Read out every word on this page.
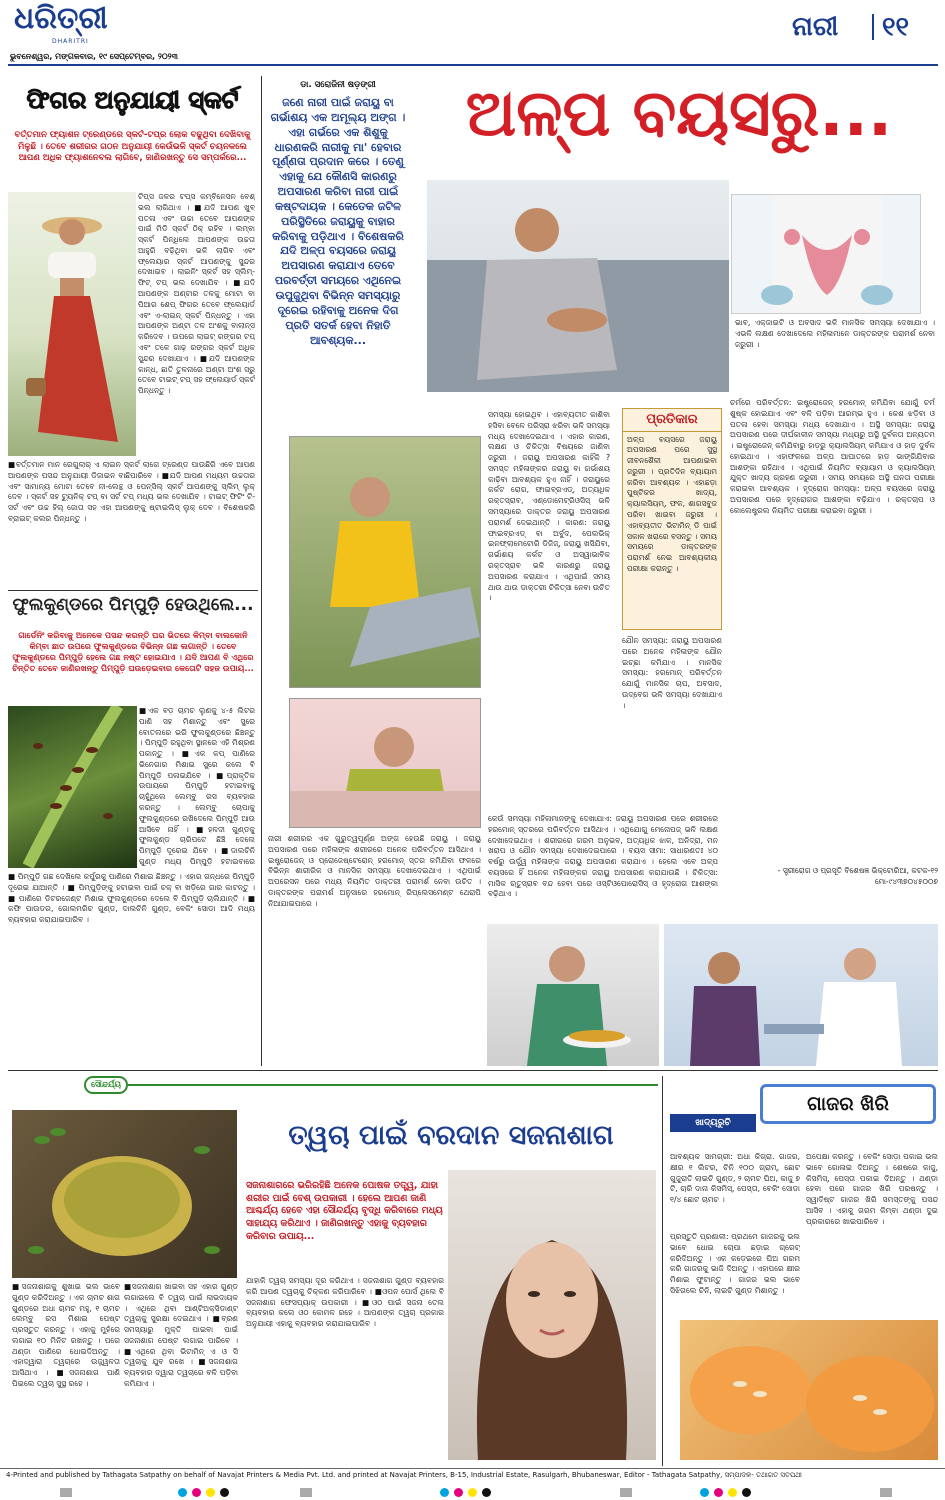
ଧରିତ୍ରୀ
DHARITRI
ଭୁବନେଶ୍ୱର, ମଙ୍ଗଳବାର, ୧୯ ସେପ୍ଟେମ୍ବର, ୨୦୨୩
ନାରୀ ୧୧
ଫିଗର ଅନୁଯାୟୀ ସ୍କର୍ଟ
ବର୍ତ୍ତମାନ ଫ୍ୟାଶନ ଟ୍ରେଣ୍ଡରେ ସ୍କର୍ଟ-ଟପ୍‌ର ଲୋକ ବଢୁଥିବା ଦେଖିବାକୁ ମିଳୁଛି । ତେବେ ଶରୀରର ଗଠନ ଅନୁଯାୟୀ କେଉଁଭଳି ସ୍କର୍ଟ ଚୟନକଲେ ଆପଣ ଅଧିକ ଫ୍ୟାଶନେବଲ ଲାଗିବେ, ଜାଣିରଖନ୍ତୁ ସେ ସମ୍ପର୍କରେ...
ଟିପ୍ସ ଜଳର ଟପ୍‌ସ କମ୍ବିନେସନ ବେଶ୍ ଭଲ ଲାଗିଥାଏ । ■ଯଦି ଆପଣ ଖୁବ୍ ପତଳା ଏବଂ ଉଚ୍ଚା ତେବେ ଆପଣଙ୍କ ପାଇଁ ମିଡି ସ୍କର୍ଟ ଠିକ୍ ରହିବ । ଲମ୍ବା ସ୍କର୍ଟ ପିନ୍ଧିଲେ ଆପଣଙ୍କ ଉଚ୍ଚତା ଆହୁରି ବଢ଼ିଥିବା ଭଳି ଲାଗିବ ଏବଂ ଫ୍ଲେୟାର ସ୍କର୍ଟ ଆପଣଙ୍କୁ ସୁନ୍ଦର ଦେଖାଇବ । ଲାଇନିଂ ସ୍କର୍ଟ ସହ ସ୍ଲିମ୍-ଫିଟ୍ ଟପ୍ ଭଲ ଦେଖାଯିବ । ■ଯଦି ଆପଣଙ୍କ ଅଣ୍ଟାର ତଳକୁ ମୋଟା ବା ପିଆର ଶେପ୍ ଫିଗର ତେବେ ଫ୍ଲେୟାର୍ଡ ଏବଂ ଏ-ଲାଇନ୍ ସ୍କର୍ଟ ପିନ୍ଧନ୍ତୁ । ଏହା ଆପଣଙ୍କ ଅଣ୍ଟା ତଳ ଅଂଶକୁ ବାଲାନ୍ସ କରିଦେବ । ଉପରେ ଲାଇଟ୍ ରଙ୍ଗର ଟପ୍ ଏବଂ ତଳେ ଗାଢ଼ ରଙ୍ଗର ସ୍କର୍ଟ ଅଧିକ ସୁନ୍ଦର ଦେଖାଯାଏ । ■ଯଦି ଆପଣଙ୍କ କାନ୍ଧ, ଛାତି ତୁଳନାରେ ଅଣ୍ଟା ଅଂଶ ସରୁ ତେବେ ଟାଇଟ୍ ଟପ୍ ସହ ଫ୍ଲେୟାର୍ଡ ସ୍କର୍ଟ ପିନ୍ଧନ୍ତୁ ।
■ବର୍ତ୍ତମାନ ମାନ ରେଗୁଲାର୍ ଏ ଲାଇନ ସ୍କର୍ଟ ଲାଗେ ଟ୍ରେଣ୍ଡ ପାଉଛିରି ଏବେ ଆପଣ ଆପଣଙ୍କ ପସନ୍ଦ ଅନୁଯାୟୀ ଡିଜାଇନ ବାଛିପାରିବେ । ■ଯଦି ଆପଣ ମଧ୍ୟମ ଉଚ୍ଚତାର ଏବଂ ସାମାନ୍ୟ ମୋଟା ତେବେ ନୀ-ଲେନ୍ଥ ଓ ପେନ୍ସିଲ୍ ସ୍କର୍ଟ ଆପଣଙ୍କୁ ସ୍ଲିମ୍ ଲୁକ୍ ଦେବ । ସ୍କର୍ଟ ସହ ଟ୍ୟୁନିକ୍ ଟପ୍ ବା ସର୍ଟ ଟପ୍ ମଧ୍ୟ ଭଲ ଦେଖାଯିବ । ଟାଇଟ୍ ଫିଟିଂ ଟି-ସର୍ଟ ଏବଂ ଉଚ୍ଚ ହିଲ୍ ଜୋତା ସହ ଏହା ଆପଣଙ୍କୁ ଷ୍ଟାଇଲିସ୍ ଲୁକ୍ ଦେବ । ବିଶେଷକରି ବ୍ରାଇଟ୍ କଲର ପିନ୍ଧନ୍ତୁ ।
ଫୁଲକୁଣ୍ଡରେ ପିମ୍ପୁଡ଼ି ହେଉଥିଲେ...
ଗାର୍ଡେନିଂ କରିବାକୁ ଅନେକେ ପସନ୍ଦ କରନ୍ତି ଘର ଭିତରେ କିମ୍ବା ବାଲକୋନି କିମ୍ବା ଛାତ ଉପରେ ଫୁଲକୁଣ୍ଡରେ ବିଭିନ୍ନ ଗଛ ଲଗାନ୍ତି । ତେବେ ଫୁଲକୁଣ୍ଡରେ ପିମ୍ପୁଡ଼ି ହେଲେ ଗଛ ନଷ୍ଟ ହୋଇଯାଏ । ଯଦି ଆପଣ ବି ଏଥିରେ ଚିନ୍ତିତ ତେବେ ଜାଣିରଖନ୍ତୁ ପିମ୍ପୁଡ଼ି ଘଉଡ଼େଇବାର କେତୋଟି ସହଜ ଉପାୟ...
■ଏକ ବଡ଼ ଚାମଚ ଲୁଣକୁ ୪-୫ ଲିଟର ପାଣି ସହ ମିଶାନ୍ତୁ ଏବଂ ସ୍ପ୍ରେ ବୋତଲରେ ଭରି ଫୁଲକୁଣ୍ଡରେ ଛିଞ୍ଚନ୍ତୁ । ପିମ୍ପୁଡ଼ି ରହୁଥିବା ସ୍ଥାନରେ ଏହି ମିଶ୍ରଣ ପକାନ୍ତୁ । ■ଏକ କପ୍ ପାଣିରେ ଭିନେଗାର ମିଶାଇ ସ୍ପ୍ରେ କଲେ ବି ପିମ୍ପୁଡ଼ି ପଳାଇଯିବେ । ■ପ୍ରାକୃତିକ ଉପାୟରେ ପିମ୍ପୁଡ଼ି ହଟାଇବାକୁ ଚାହୁଁଥିଲେ ଲେମ୍ବୁ ରସ ବ୍ୟବହାର କରନ୍ତୁ । ଲେମ୍ବୁ ଚୋପାକୁ ଫୁଲକୁଣ୍ଡରେ ରଖିଦେଲେ ପିମ୍ପୁଡ଼ି ଆଉ ଆସିବେ ନାହିଁ । ■ହଳଦୀ ଗୁଣ୍ଡକୁ ଫୁଲକୁଣ୍ଡ ଚାରିପଟେ ଛିଞ୍ଚି ଦେଲେ ପିମ୍ପୁଡ଼ି ଦୂରେଇ ଯିବେ । ■ଦାଲଚିନି ଗୁଣ୍ଡ ମଧ୍ୟ ପିମ୍ପୁଡ଼ି ହଟାଇବାରେ
■ ପିମ୍ପୁଡ଼ି ଗଛ ଦେଖିଲେ କର୍ପୁରକୁ ପାଣିରେ ମିଶାଇ ଛିଞ୍ଚନ୍ତୁ । ଏହାର ଗନ୍ଧରେ ପିମ୍ପୁଡ଼ି ଦୂରେଇ ଯାଆନ୍ତି । ■ ପିମ୍ପୁଡ଼ିଙ୍କୁ ହଟାଇବା ପାଇଁ ଚକ୍ ବା ଖଡ଼ିରେ ଗାର କାଟନ୍ତୁ । ■ ପାଣିରେ ଡିଟରଜେଣ୍ଟ ମିଶାଇ ଫୁଲକୁଣ୍ଡରେ ଦେଲେ ବି ପିମ୍ପୁଡ଼ି ଚାଲିଯାନ୍ତି । ■ କଫି ପାଉଡର, ଗୋଲମରିଚ ଗୁଣ୍ଡ, ଦାଲଚିନି ଗୁଣ୍ଡ, ବେକିଂ ସୋଡା ଆଦି ମଧ୍ୟ ବ୍ୟବହାର କରାଯାଇପାରିବ ।
ଡା. ସରୋଜିନୀ ଷଡ଼ଙ୍ଗୀ
ଜଣେ ନାରୀ ପାଇଁ ଜରାୟୁ ବା ଗର୍ଭାଶୟ ଏକ ଅମୂଲ୍ୟ ଅଙ୍ଗ । ଏହା ଗର୍ଭରେ ଏକ ଶିଶୁକୁ ଧାରଣକରି ନାରୀକୁ ମା' ହେବାର ପୂର୍ଣ୍ଣତା ପ୍ରଦାନ କରେ । ତେଣୁ ଏହାକୁ ଯେ କୌଣସି କାରଣରୁ ଅପସାରଣ କରିବା ନାରୀ ପାଇଁ କଷ୍ଟଦାୟକ । କେତେକ ଜଟିଳ ପରିସ୍ଥିତିରେ ଜରାୟୁକୁ ବାହାର କରିବାକୁ ପଡ଼ିଥାଏ । ବିଶେଷକରି ଯଦି ଅଳ୍ପ ବୟସରେ ଜରାୟୁ ଅପସାରଣ କରାଯାଏ ତେବେ ପରବର୍ତ୍ତୀ ସମୟରେ ଏଥିନେଇ ଉପୁଜୁଥିବା ବିଭିନ୍ନ ସମସ୍ୟାରୁ ଦୂରେଇ ରହିବାକୁ ଅନେକ ଦିଗ ପ୍ରତି ସତର୍କ ହେବା ନିହାତି ଆବଶ୍ୟକ...
ଅଳ୍ପ ବୟସରୁ...
ସମସ୍ୟା ହୋଇଥିବ । ଏହାବ୍ୟତୀତ କାଶିବା ହସିବା ବେଳେ ପରିସ୍ରା ଝରିବା ଭଳି ସମସ୍ୟା ମଧ୍ୟ ଦେଖାଦେଇଥାଏ । ଏହାର କାରଣ, ଲକ୍ଷଣ ଓ ଚିକିତ୍ସା ବିଷୟରେ ଜାଣିବା ଜରୁରୀ । ଜରାୟୁ ଅପସାରଣ କାହିଁକି ? ସମସ୍ତ ମହିଳାଙ୍କର ଜରାୟୁ ବା ଗର୍ଭାଶୟ କାଢ଼ିବା ଆବଶ୍ୟକ ହୁଏ ନାହିଁ । ଜରାୟୁରେ କର୍କଟ ରୋଗ, ଫାଇବ୍ରଏଡ୍, ଅତ୍ୟଧିକ ରକ୍ତସ୍ରାବ, ଏଣ୍ଡୋମେଟ୍ରିଓସିସ୍ ଭଳି ସମସ୍ୟାରେ ଡାକ୍ତର ଜରାୟୁ ଅପସାରଣ ପରାମର୍ଶ ଦେଇଥାନ୍ତି । କାରଣ: ଜରାୟୁ ଫାଇବ୍ରଏଡ୍ ବା ଅର୍ବୁଦ, ପେଲଭିକ୍ ଇନଫ୍ଲାମେଟୋରି ଡିଜିଜ୍, ଜରାୟୁ ଖସିଯିବା, ଗର୍ଭାଶୟ କର୍କଟ ଓ ଅସ୍ୱାଭାବିକ ରକ୍ତସ୍ରାବ ଭଳି କାରଣରୁ ଜରାୟୁ ଅପସାରଣ କରାଯାଏ । ଏଥିପାଇଁ ସମୟ ଥାଉ ଥାଉ ଡାକ୍ତରୀ ଚିକିତ୍ସା ନେବା ଉଚିତ ।
ପ୍ରତିକାର
ଅଳ୍ପ ବୟସରେ ଜରାୟୁ ଅପସାରଣ ପରେ ସୁସ୍ଥ ଜୀବନଶୈଳୀ ଆପଣାଇବା ଜରୁରୀ । ପ୍ରତିଦିନ ବ୍ୟାୟାମ କରିବା ଆବଶ୍ୟକ । ଏହାଛଡ଼ା ପୁଷ୍ଟିକର ଖାଦ୍ୟ, କ୍ୟାଲସିୟମ୍, ଫଳ, ଶାଗସବୁଜ ପରିବା ଖାଇବା ଜରୁରୀ । ଏହାବ୍ୟତୀତ ଭିଟାମିନ୍ ଡି ପାଇଁ ସକାଳ ଖରାରେ ବସନ୍ତୁ । ସମୟ ସମୟରେ ଡାକ୍ତରଙ୍କ ପରାମର୍ଶ ନେଇ ଆବଶ୍ୟକୀୟ ପରୀକ୍ଷା କରାନ୍ତୁ ।
ଭାବ, ଏକ୍ଜାଇଟି ଓ ଅବସାଦ ଭଳି ମାନସିକ ସମସ୍ୟା ଦେଖାଯାଏ । ଏଭଳି ଲକ୍ଷଣ ଦେଖାଦେଲେ ମହିଳାମାନେ ଡାକ୍ତରଙ୍କ ପରାମର୍ଶ ନେବା ଜରୁରୀ ।
ଚର୍ମରେ ପରିବର୍ତ୍ତନ: ଇଷ୍ଟ୍ରୋଜେନ୍ ହରମୋନ୍ କମିଯିବା ଯୋଗୁଁ ଚର୍ମ ଶୁଷ୍କ ହୋଇଯାଏ ଏବଂ ବଳି ପଡ଼ିବା ଆରମ୍ଭ ହୁଏ । କେଶ ଝଡ଼ିବା ଓ ପତଳା ହେବା ସମସ୍ୟା ମଧ୍ୟ ଦେଖାଯାଏ । ଅସ୍ଥି ସମସ୍ୟା: ଜରାୟୁ ଅପସାରଣ ପରେ ଦୀର୍ଘକାଳୀନ ସମସ୍ୟା ମଧ୍ୟରୁ ଅସ୍ଥି ଦୁର୍ବଳତା ଅନ୍ୟତମ । ଇଷ୍ଟ୍ରୋଜେନ୍ କମିଯିବାରୁ ହାଡ଼ରୁ କ୍ୟାଲସିୟମ୍ କମିଯାଏ ଓ ହାଡ଼ ଦୁର୍ବଳ ହୋଇଥାଏ । ଏହାଫଳରେ ଅଳ୍ପ ଆଘାତରେ ହାଡ଼ ଭାଙ୍ଗିଯିବାର ଆଶଙ୍କା ରହିଥାଏ । ଏଥିପାଇଁ ନିୟମିତ ବ୍ୟାୟାମ ଓ କ୍ୟାଲସିୟମ୍ ଯୁକ୍ତ ଖାଦ୍ୟ ଗ୍ରହଣ ଜରୁରୀ । ସମୟ ସମୟରେ ଅସ୍ଥି ଘନତା ପରୀକ୍ଷା କରାଇବା ଆବଶ୍ୟକ । ହୃଦ୍‌ରୋଗ ସମସ୍ୟା: ଅଳ୍ପ ବୟସରେ ଜରାୟୁ ଅପସାରଣ ପରେ ହୃଦ୍‌ରୋଗର ଆଶଙ୍କା ବଢ଼ିଯାଏ । ରକ୍ତଚାପ ଓ କୋଲେଷ୍ଟ୍ରଲ ନିୟମିତ ପରୀକ୍ଷା କରାଇବା ଜରୁରୀ ।
କେଉଁ ସମସ୍ୟା ମହିଳାମାନଙ୍କୁ ଦେଖାଯାଏ: ଜରାୟୁ ଅପସାରଣ ପରେ ଶରୀରରେ ହରମୋନ୍ ସ୍ତରରେ ପରିବର୍ତ୍ତନ ଆସିଥାଏ । ଏଥିଯୋଗୁ ମେନୋପଜ୍ ଭଳି ଲକ୍ଷଣ ଦେଖାଦେଇଥାଏ । ଶରୀରରେ ଗରମ ଅନୁଭବ, ଅତ୍ୟଧିକ ଝାଳ, ଅନିଦ୍ରା, ମନ ଖରାପ ଓ ଯୌନ ସମସ୍ୟା ଦେଖାଦେଇପାରେ । ବୟସ ସୀମା: ସାଧାରଣତଃ ୪୦ ବର୍ଷରୁ ଊର୍ଦ୍ଧ୍ୱ ମହିଳାଙ୍କ ଜରାୟୁ ଅପସାରଣ କରାଯାଏ । ହେଲେ ଏବେ ଅଳ୍ପ ବୟସରେ ହିଁ ଅନେକ ମହିଳାଙ୍କର ଜରାୟୁ ଅପସାରଣ କରାଯାଉଛି । ଚିକିତ୍ସା: ମାସିକ ଋତୁସ୍ରାବ ବନ୍ଦ ହେବା ପରେ ଓସ୍ଟିଓପୋରୋସିସ୍ ଓ ହୃଦ୍‌ରୋଗ ଆଶଙ୍କା ବଢ଼ିଥାଏ ।
ଯୌନ ସମସ୍ୟା: ଜରାୟୁ ଅପସାରଣ ପରେ ଅନେକ ମହିଳାଙ୍କ ଯୌନ ଇଚ୍ଛା କମିଯାଏ । ମାନସିକ ସମସ୍ୟା: ହରମୋନ୍ ପରିବର୍ତ୍ତନ ଯୋଗୁଁ ମାନସିକ ଚାପ, ଅବସାଦ, ଉଦ୍‌ବେଗ ଭଳି ସମସ୍ୟା ଦେଖାଯାଏ ।
ନାରୀ ଶରୀରର ଏକ ଗୁରୁତ୍ୱପୂର୍ଣ୍ଣ ଅଙ୍ଗ ହେଉଛି ଜରାୟୁ । ଜରାୟୁ ଅପସାରଣ ପରେ ମହିଳାଙ୍କ ଶରୀରରେ ଅନେକ ପରିବର୍ତ୍ତନ ଆସିଥାଏ । ଇଷ୍ଟ୍ରୋଜେନ୍ ଓ ପ୍ରୋଜେଷ୍ଟେରୋନ୍ ହରମୋନ୍ ସ୍ତର କମିଯିବା ଫଳରେ ବିଭିନ୍ନ ଶାରୀରିକ ଓ ମାନସିକ ସମସ୍ୟା ଦେଖାଦେଇଥାଏ । ଏଥିପାଇଁ ଅପରେସନ ପରେ ମଧ୍ୟ ନିୟମିତ ଡାକ୍ତରୀ ପରାମର୍ଶ ନେବା ଉଚିତ । ଡାକ୍ତରଙ୍କ ପରାମର୍ଶ ଅନୁସାରେ ହରମୋନ୍ ରିପ୍ଲେସମେଣ୍ଟ ଥେରାପି ନିଆଯାଇପାରେ ।
- ସ୍ତ୍ରୀରୋଗ ଓ ପ୍ରସୂତି ବିଶେଷଜ୍ଞ ଭିକ୍ଟୋରିଆ, କଟକ-୧୨ ମୋ-୯୪୩୭୦୪୫୦୦୭
ସୌନ୍ଦର୍ଯ୍ୟ
ତ୍ୱଚା ପାଇଁ ବରଦାନ ସଜନାଶାଗ
ସଜନାଶାଗରେ ଭରିରହିଛି ଅନେକ ପୋଷକ ତତ୍ତ୍ୱ, ଯାହା ଶରୀର ପାଇଁ ବେଶ୍ ଉପକାରୀ । ହେଲେ ଆପଣ ଜାଣି ଆଶ୍ଚର୍ଯ୍ୟ ହେବେ ଏହା ସୌନ୍ଦର୍ଯ୍ୟ ବୃଦ୍ଧି କରିବାରେ ମଧ୍ୟ ସାହାଯ୍ୟ କରିଥାଏ । ଜାଣିରଖନ୍ତୁ ଏହାକୁ ବ୍ୟବହାର କରିବାର ଉପାୟ...
■ସଜନାଶାଗକୁ ଶୁଖାଇ ଭଲ ଭାବେ ଗୁଣ୍ଡ କରିଦିଅନ୍ତୁ । ଏକ ଚାମଚ ଶାଗ ଗୁଣ୍ଡରେ ଅଧା ଚାମଚ ମହୁ, ୧ ଚାମଚ ଲେମ୍ବୁ ରସ ମିଶାଇ ପେଷ୍ଟ ପ୍ରସ୍ତୁତ କରନ୍ତୁ । ଏହାକୁ ମୁହଁରେ ଲଗାଇ ୧୦ ମିନିଟ ରଖନ୍ତୁ । ପରେ ଥଣ୍ଡା ପାଣିରେ ଧୋଇଦିଅନ୍ତୁ । ଏହାଦ୍ୱାରା ତ୍ୱଚାରେ ଉଜ୍ଜ୍ୱଳତା ଆସିଥାଏ । ■ସଜନାଶାଗ ପାଣି ପିଇଲେ ତ୍ୱଚା ସୁସ୍ଥ ରହେ ।
■ସଜନାଶାଗ ଖାଇବା ସହ ଏହାର ଗୁଣ୍ଡ ଲଗାଇଲେ ବି ତ୍ୱଚା ପାଇଁ ଲାଭଦାୟକ । ଏଥିରେ ଥିବା ଆଣ୍ଟିଅକ୍ସିଡାଣ୍ଟ ତ୍ୱଚାକୁ ସୁରକ୍ଷା ଦେଇଥାଏ । ■ବ୍ରଣ ସମସ୍ୟାରୁ ମୁକ୍ତି ପାଇବା ପାଇଁ ସଜନାଶାଗ ପେଷ୍ଟ ଲଗାଇ ପାରିବେ । ■ଏଥିରେ ଥିବା ଭିଟାମିନ୍ ଏ ଓ ସି ତ୍ୱଚାକୁ ଯୁବ ରଖେ । ■ସଜନାଶାଗ ବ୍ୟବହାର ଦ୍ୱାରା ତ୍ୱଚାରେ ବଳି ପଡ଼ିବା କମିଯାଏ ।
ଯାହାକି ତ୍ୱଚା ସମସ୍ୟା ଦୂର କରିଥାଏ । ସଜନାଶାଗ ଗୁଣ୍ଡ ବ୍ୟବହାର କରି ଆପଣ ତ୍ୱଚାକୁ ଚିକ୍କଣ କରିପାରିବେ । ■ଓପନ ପୋର୍ସ ଥିଲେ ବି ସଜନାଶାଗ ଫେସପ୍ୟାକ୍ ଉପକାରୀ । ■ଓଠ ପାଇଁ ସଜନା ତେଲ ବ୍ୟବହାର କଲେ ଓଠ କୋମଳ ରହେ । ଆପଣଙ୍କ ତ୍ୱଚା ପ୍ରକାର ଅନୁଯାୟୀ ଏହାକୁ ବ୍ୟବହାର କରାଯାଇପାରିବ ।
ଖାଦ୍ୟରୁଚି
ଗାଜର ଖିରି
ଆବଶ୍ୟକ ସାମଗ୍ରୀ: ଅଧା କିଗ୍ରା. ଗାଜର, କ୍ଷୀର ୧ ଲିଟର, ଚିନି ୧୦୦ ଗ୍ରାମ୍, ଛୋଟ ଗୁଜୁରାତି ଲାଇଚି ଗୁଣ୍ଡ, ୨ ଚାମଚ ଘିଅ, କାଜୁ ୭ ଟି, ଚାରି ଦାନା କିସମିସ୍, ପେସ୍ତା, ବେକିଂ ସୋଡା ୧/୪ ଛୋଟ ଚାମଚ ।
ପ୍ରସ୍ତୁତି ପ୍ରଣାଳୀ: ପ୍ରଥମେ ଗାଜରକୁ ଭଲ ଭାବେ ଧୋଇ ଚୋପା ଛଡ଼ାଇ ଗ୍ରେଟ୍ କରିଦିଅନ୍ତୁ । ଏକ କଡ଼େଇରେ ଘିଅ ଗରମ କରି ଗାଜରକୁ ଭାଜି ଦିଅନ୍ତୁ । ଏହାପରେ କ୍ଷୀର ମିଶାଇ ଫୁଟାନ୍ତୁ । ଗାଜର ଭଲ ଭାବେ ସିଝିଗଲେ ଚିନି, ଲାଇଚି ଗୁଣ୍ଡ ମିଶାନ୍ତୁ ।
ଅପେକ୍ଷା କରନ୍ତୁ । ବେକିଂ ସୋଡ଼ା ପକାଇ ଭଲ ଭାବେ ଗୋଳାଇ ଦିଅନ୍ତୁ । ଶେଷରେ କାଜୁ, କିସମିସ୍, ପେସ୍ତା ପକାଇ ଦିଅନ୍ତୁ । ଥଣ୍ଡା ହେବା ପରେ ଗାଜର ଖିରି ପରଷନ୍ତୁ । ସ୍ୱାଦିଷ୍ଟ ଗାଜର ଖିରି ସମସ୍ତଙ୍କୁ ପସନ୍ଦ ଆସିବ । ଏହାକୁ ଗରମ କିମ୍ବା ଥଣ୍ଡା ଦୁଇ ପ୍ରକାରରେ ଖାଇପାରିବେ ।
4-Printed and published by Tathagata Satpathy on behalf of Navajat Printers & Media Pvt. Ltd. and printed at Navajat Printers, B-15, Industrial Estate, Rasulgarh, Bhubaneswar, Editor - Tathagata Satpathy, ସମ୍ପାଦକ- ତଥାଗତ ସତପଥୀ
